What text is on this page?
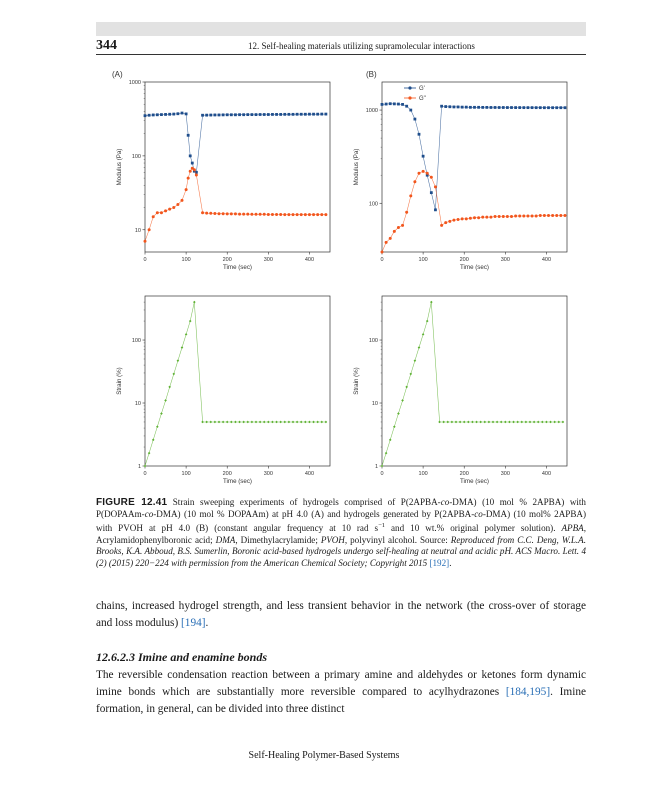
344	12. Self-healing materials utilizing supramolecular interactions
(A)	(B)
G'
G"
0	100	200	300	400
10
100
1000
Time (sec)
Modulus (Pa)
0	100	200	300	400
100
1000
Time (sec)
Modulus (Pa)
0	100	200	300	400
1
10
100
Time (sec)
Strain (%)
0	100	200	300	400
1
10
100
Time (sec)
Strain (%)
FIGURE 12.41 Strain sweeping experiments of hydrogels comprised of P(2APBA-co-DMA) (10 mol % 2APBA) with P(DOPAAm-co-DMA) (10 mol % DOPAAm) at pH 4.0 (A) and hydrogels generated by P(2APBA-co-DMA) (10 mol% 2APBA) with PVOH at pH 4.0 (B) (constant angular frequency at 10 rad $s^{-1}$ and 10 wt.% original polymer solution). APBA, Acrylamidophenylboronic acid; DMA, Dimethylacrylamide; PVOH, polyvinyl alcohol. Source: Reproduced from C.C. Deng, W.L.A. Brooks, K.A. Abboud, B.S. Sumerlin, Boronic acid-based hydrogels undergo self-healing at neutral and acidic pH. ACS Macro. Lett. 4 (2) (2015) 220−224 with permission from the American Chemical Society; Copyright 2015 [192].
chains, increased hydrogel strength, and less transient behavior in the network (the cross-over of storage and loss modulus) [194].
12.6.2.3 Imine and enamine bonds
The reversible condensation reaction between a primary amine and aldehydes or ketones form dynamic imine bonds which are substantially more reversible compared to acylhydrazones [184,195]. Imine formation, in general, can be divided into three distinct
Self-Healing Polymer-Based Systems
